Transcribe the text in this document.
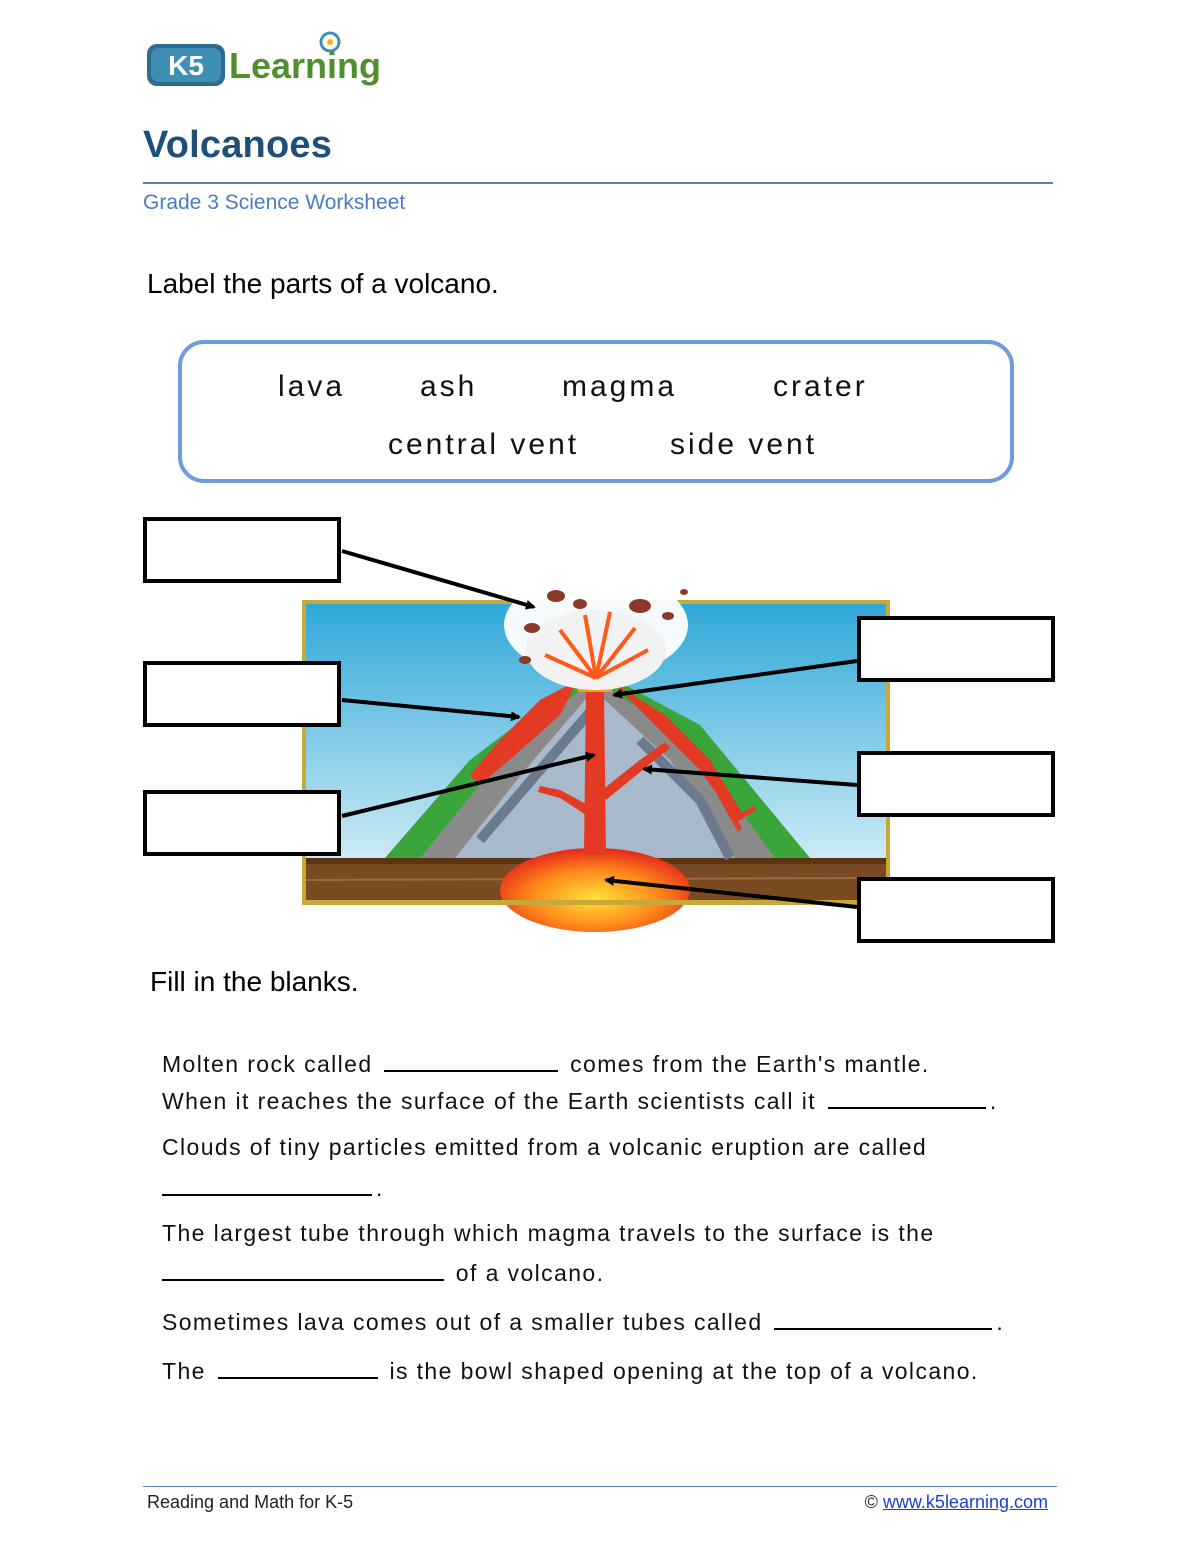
K5 Learning
Volcanoes
Grade 3 Science Worksheet
Label the parts of a volcano.
lava ash	magma	crater
central vent	side vent
Fill in the blanks.
Molten rock called	comes from the Earth's mantle.
When it reaches the surface of the Earth scientists call it	.
Clouds of tiny particles emitted from a volcanic eruption are called
.
The largest tube through which magma travels to the surface is the
of a volcano.
Sometimes lava comes out of a smaller tubes called	.
The	is the bowl shaped opening at the top of a volcano.
Reading and Math for K-5	© www.k5learning.com
